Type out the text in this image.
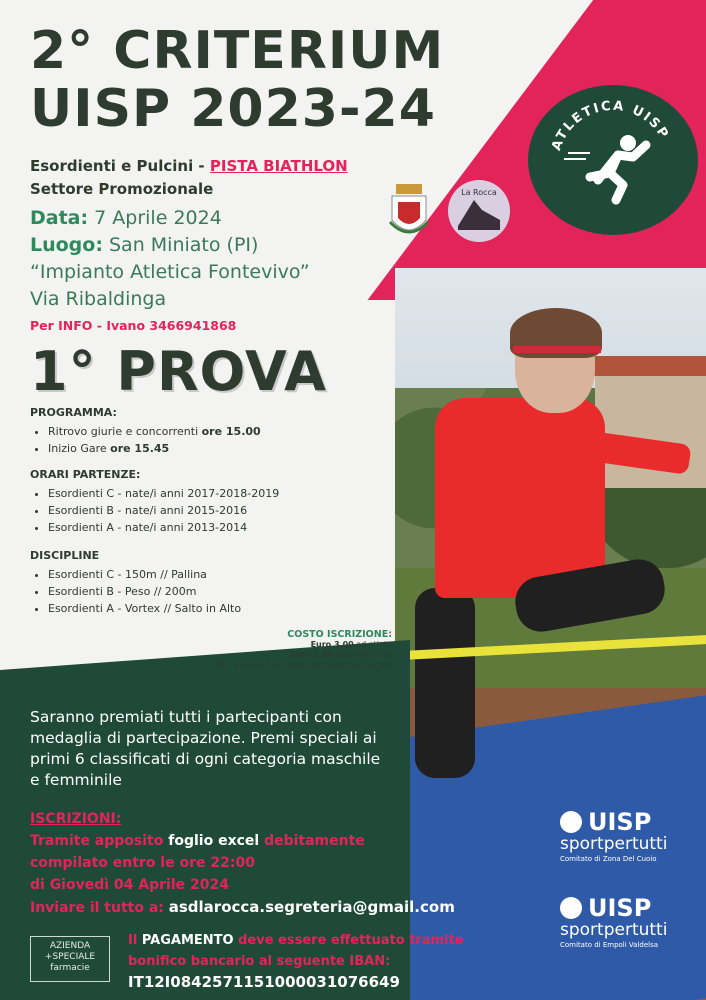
ATLETICA UISP
2° CRITERIUM
UISP 2023-24
Esordienti e Pulcini - PISTA BIATHLON
Settore Promozionale	La Rocca
Data: 7 Aprile 2024
Luogo: San Miniato (PI)
“Impianto Atletica Fontevivo”
Via Ribaldinga
Per INFO - Ivano 3466941868
1° PROVA
PROGRAMMA:
• Ritrovo giurie e concorrenti ore 15.00
• Inizio Gare ore 15.45
ORARI PARTENZE:
• Esordienti C - nate/i anni 2017-2018-2019
• Esordienti B - nate/i anni 2015-2016
• Esordienti A - nate/i anni 2013-2014
DISCIPLINE
• Esordienti C - 150m // Pallina
• Esordienti B - Peso // 200m
• Esordienti A - Vortex // Salto in Alto
COSTO ISCRIZIONE:
Euro 3,00 ad atleta
Euro 2,00 Tesserati UISP
Non verranno accettate iscrizioni sul Campo
Saranno premiati tutti i partecipanti con medaglia di partecipazione. Premi speciali ai primi 6 classificati di ogni categoria maschile e femminile
ISCRIZIONI:
Tramite apposito foglio excel debitamente
compilato entro le ore 22:00
di Giovedì 04 Aprile 2024
Inviare il tutto a: asdlarocca.segreteria@gmail.com
AZIENDA
+SPECIALE
farmacie
Il PAGAMENTO deve essere effettuato tramite
bonifico bancario al seguente IBAN:
IT12I0842571151000031076649
UISP
sportpertutti
Comitato di Zona Del Cuoio
UISP
sportpertutti
Comitato di Empoli Valdelsa
